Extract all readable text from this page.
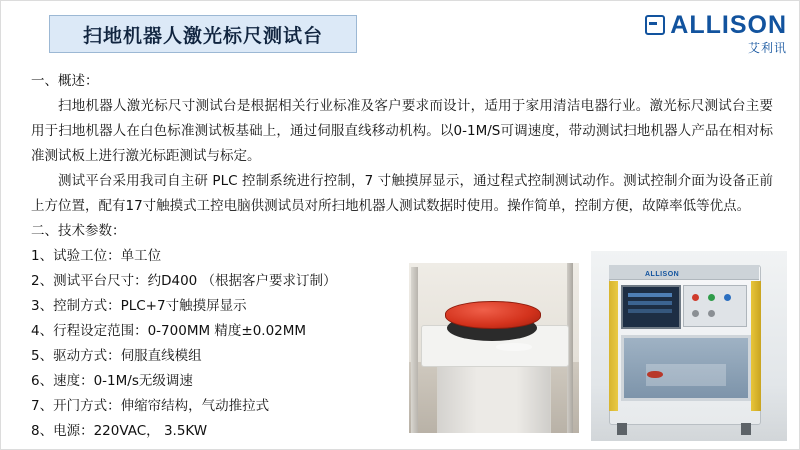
扫地机器人激光标尺测试台	ALLISON
艾利讯
一、概述：
扫地机器人激光标尺寸测试台是根据相关行业标准及客户要求而设计，适用于家用清洁电器行业。激光标尺测试台主要用于扫地机器人在白色标准测试板基础上，通过伺服直线移动机构。以0-1M/S可调速度，带动测试扫地机器人产品在相对标准测试板上进行激光标距测试与标定。
测试平台采用我司自主研 PLC 控制系统进行控制，7 寸触摸屏显示，通过程式控制测试动作。测试控制介面为设备正前上方位置，配有17寸触摸式工控电脑供测试员对所扫地机器人测试数据时使用。操作简单，控制方便，故障率低等优点。
二、技术参数：
1、试验工位：单工位
2、测试平台尺寸：约D400 （根据客户要求订制）
3、控制方式：PLC+7寸触摸屏显示
4、行程设定范围：0-700MM 精度±0.02MM
5、驱动方式：伺服直线模组
6、速度：0-1M/s无级调速
7、开门方式：伸缩帘结构，气动推拉式
8、电源：220VAC， 3.5KW
ALLISON
